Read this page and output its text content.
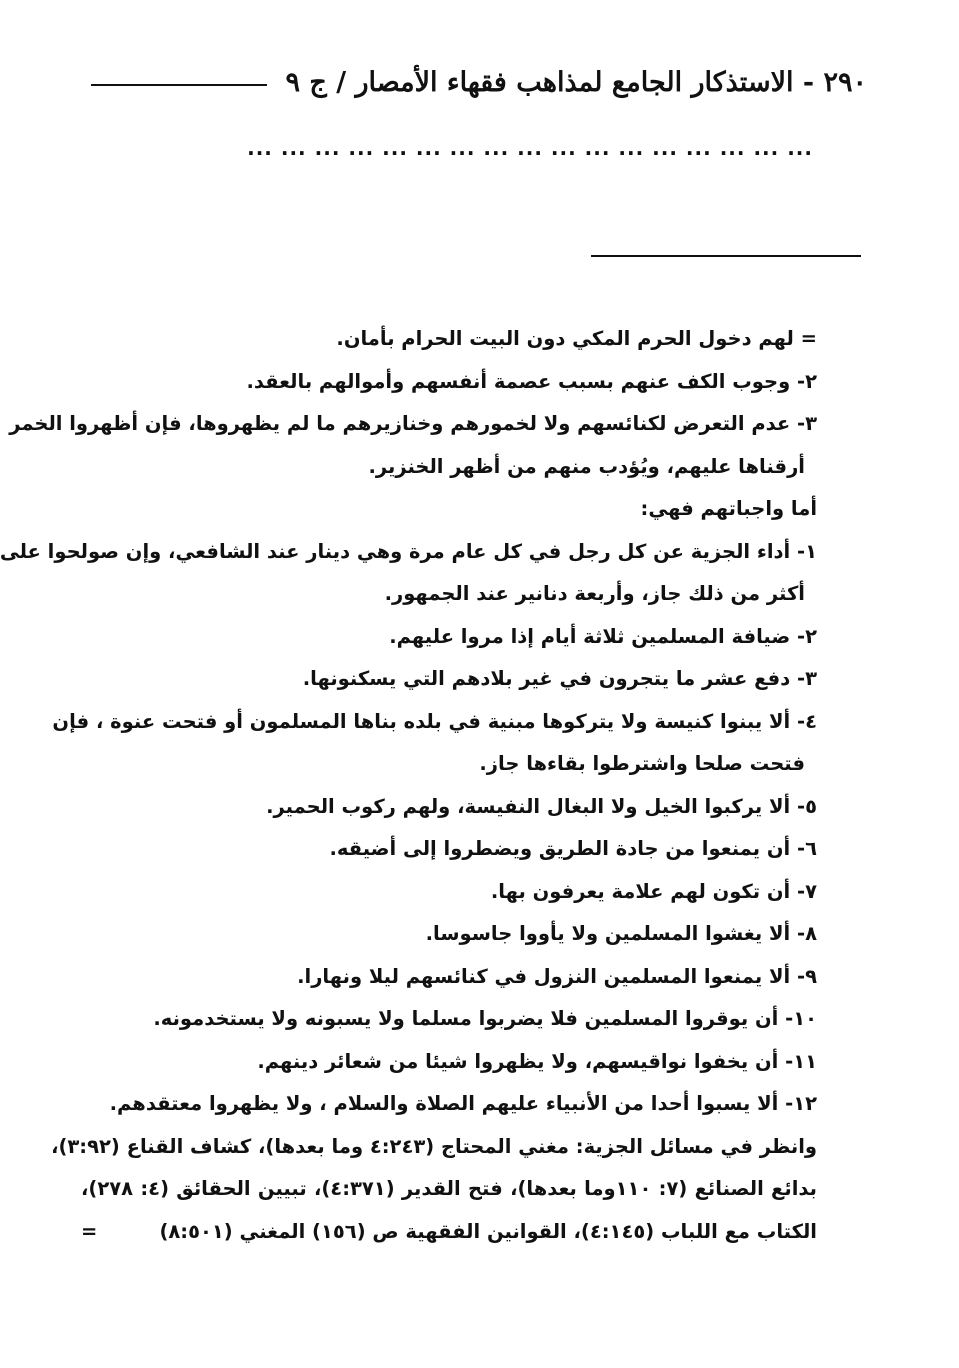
٢٩٠ - الاستذكار الجامع لمذاهب فقهاء الأمصار / ج ٩
... ... ... ... ... ... ... ... ... ... ... ... ... ... ... ... ...
= لهم دخول الحرم المكي دون البيت الحرام بأمان.
٢- وجوب الكف عنهم بسبب عصمة أنفسهم وأموالهم بالعقد.
٣- عدم التعرض لكنائسهم ولا لخمورهم وخنازيرهم ما لم يظهروها، فإن أظهروا الخمر
أرقناها عليهم، ويُؤدب منهم من أظهر الخنزير.
أما واجباتهم فهي:
١- أداء الجزية عن كل رجل في كل عام مرة وهي دينار عند الشافعي، وإن صولحوا على
أكثر من ذلك جاز، وأربعة دنانير عند الجمهور.
٢- ضيافة المسلمين ثلاثة أيام إذا مروا عليهم.
٣- دفع عشر ما يتجرون في غير بلادهم التي يسكنونها.
٤- ألا يبنوا كنيسة ولا يتركوها مبنية في بلده بناها المسلمون أو فتحت عنوة ، فإن
فتحت صلحا واشترطوا بقاءها جاز.
٥- ألا يركبوا الخيل ولا البغال النفيسة، ولهم ركوب الحمير.
٦- أن يمنعوا من جادة الطريق ويضطروا إلى أضيقه.
٧- أن تكون لهم علامة يعرفون بها.
٨- ألا يغشوا المسلمين ولا يأووا جاسوسا.
٩- ألا يمنعوا المسلمين النزول في كنائسهم ليلا ونهارا.
١٠- أن يوقروا المسلمين فلا يضربوا مسلما ولا يسبونه ولا يستخدمونه.
١١- أن يخفوا نواقيسهم، ولا يظهروا شيئا من شعائر دينهم.
١٢- ألا يسبوا أحدا من الأنبياء عليهم الصلاة والسلام ، ولا يظهروا معتقدهم.
وانظر في مسائل الجزية: مغني المحتاج (٤:٢٤٣ وما بعدها)، كشاف القناع (٣:٩٢)،
بدائع الصنائع (٧: ١١٠وما بعدها)، فتح القدير (٤:٣٧١)، تبيين الحقائق (٤: ٢٧٨)،
الكتاب مع اللباب (٤:١٤٥)، القوانين الفقهية ص (١٥٦) المغني (٨:٥٠١)
=
